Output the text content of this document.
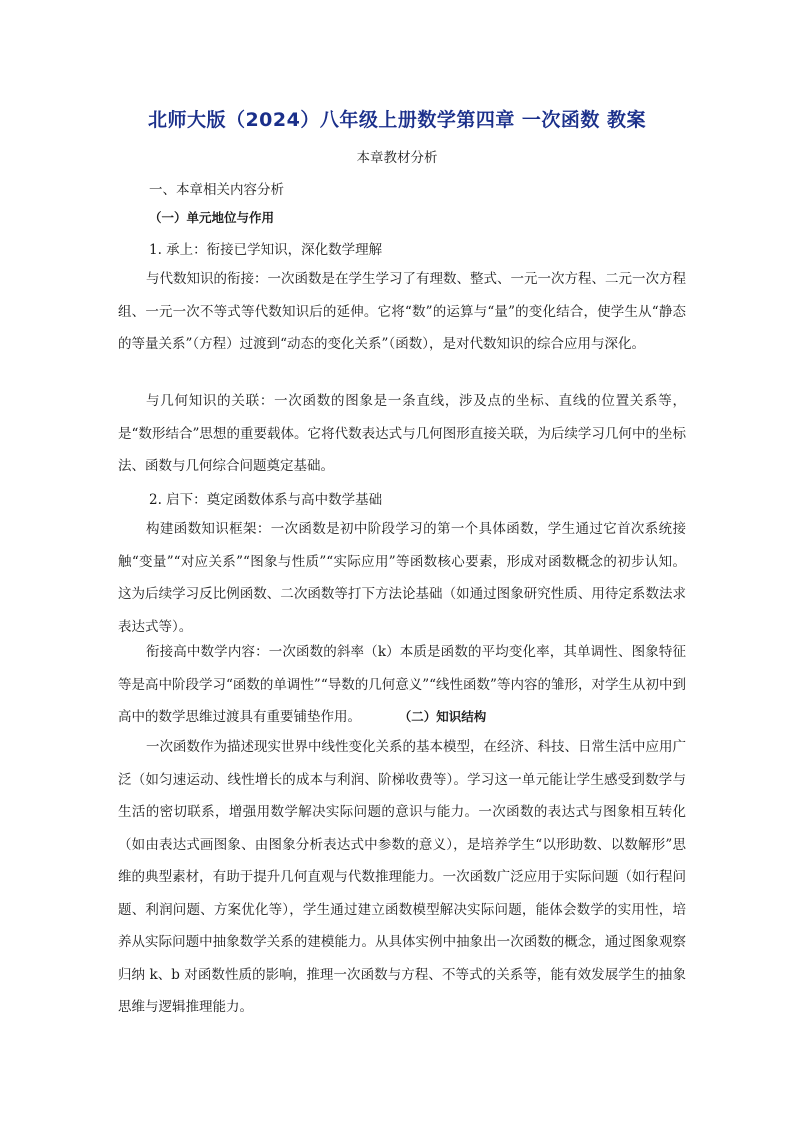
北师大版（2024）八年级上册数学第四章 一次函数 教案
本章教材分析
一、本章相关内容分析
（一）单元地位与作用
1. 承上：衔接已学知识，深化数学理解
与代数知识的衔接：一次函数是在学生学习了有理数、整式、一元一次方程、二元一次方程组、一元一次不等式等代数知识后的延伸。它将“数”的运算与“量”的变化结合，使学生从“静态的等量关系”（方程）过渡到“动态的变化关系”（函数），是对代数知识的综合应用与深化。
与几何知识的关联：一次函数的图象是一条直线，涉及点的坐标、直线的位置关系等，是“数形结合”思想的重要载体。它将代数表达式与几何图形直接关联，为后续学习几何中的坐标法、函数与几何综合问题奠定基础。
2. 启下：奠定函数体系与高中数学基础
构建函数知识框架：一次函数是初中阶段学习的第一个具体函数，学生通过它首次系统接触“变量”“对应关系”“图象与性质”“实际应用”等函数核心要素，形成对函数概念的初步认知。这为后续学习反比例函数、二次函数等打下方法论基础（如通过图象研究性质、用待定系数法求表达式等）。
衔接高中数学内容：一次函数的斜率（k）本质是函数的平均变化率，其单调性、图象特征等是高中阶段学习“函数的单调性”“导数的几何意义”“线性函数”等内容的雏形，对学生从初中到高中的数学思维过渡具有重要铺垫作用。	（二）知识结构
一次函数作为描述现实世界中线性变化关系的基本模型，在经济、科技、日常生活中应用广泛（如匀速运动、线性增长的成本与利润、阶梯收费等）。学习这一单元能让学生感受到数学与生活的密切联系，增强用数学解决实际问题的意识与能力。一次函数的表达式与图象相互转化（如由表达式画图象、由图象分析表达式中参数的意义），是培养学生“以形助数、以数解形”思维的典型素材，有助于提升几何直观与代数推理能力。一次函数广泛应用于实际问题（如行程问题、利润问题、方案优化等），学生通过建立函数模型解决实际问题，能体会数学的实用性，培养从实际问题中抽象数学关系的建模能力。从具体实例中抽象出一次函数的概念，通过图象观察归纳 k、b 对函数性质的影响，推理一次函数与方程、不等式的关系等，能有效发展学生的抽象思维与逻辑推理能力。
